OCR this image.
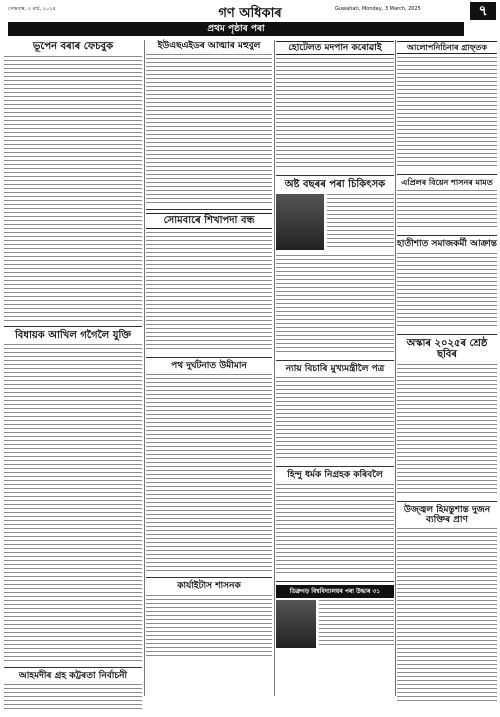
সোমবাৰ, ৩ মাৰ্চ, ২০২৫	গণ অধিকাৰ	Guwahati, Monday, 3 March, 2025	৭
প্ৰথম পৃষ্ঠাৰ পৰা
ভূপেন বৰাৰ ফেচবুক
বিধায়ক আখিল গগৈলৈ যুক্তি
আহমদীৰ গ্ৰহ কট্টৰতা নিৰ্বাচনী
ইউএছএইডৰ আত্মাৰ মহুবুল
সোমবাৰে শিখাপদা বন্ধ
পথ দুৰ্ঘটনাত উমীমান
কাৰ্যাইটাস শাসনক
হোটেলত মদপান কৰোৱাই
অষ্ট বছৰৰ পৰা চিকিৎসক
ন্যায় বিচাৰি মুখ্যমন্ত্ৰীলৈ পত্ৰ
হিন্দু ধৰ্মক নিগ্ৰহক কৰিবলৈ
ডিব্ৰুগড় বিশ্ববিদ্যালয়ৰ পৰা উদ্ধাৰ ৩১
আলোপনিচিনাৰ গ্ৰাফ্তক
এপ্ৰিলৰ বিয়েন শাসনৰ মামত
হাতীশাত সমাজকৰ্মী আক্ৰান্ত
অস্কাৰ ২০২৫ৰ শ্ৰেষ্ঠ ছবিৰ
উজ্জ্বল হিমন্তুশান্ত দুজন ব্যক্তিৰ প্ৰাণ
